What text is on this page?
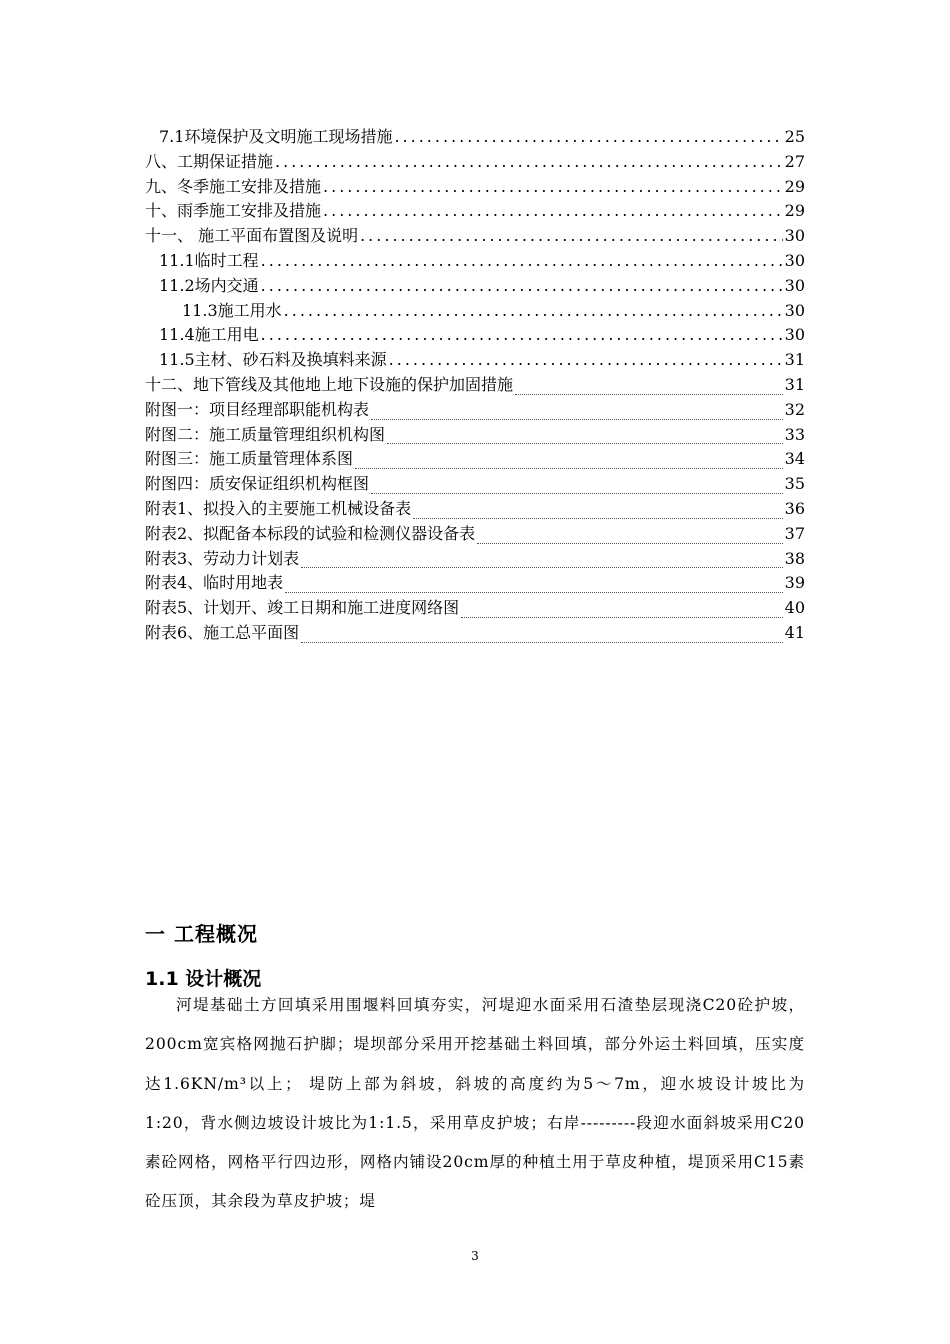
7.1环境保护及文明施工现场措施 .....	25
八、工期保证措施 .....	27
九、冬季施工安排及措施 .....	29
十、雨季施工安排及措施 .....	29
十一、 施工平面布置图及说明 .....	30
11.1临时工程 .....	30
11.2场内交通 .....	30
11.3施工用水 .....	30
11.4施工用电 .....	30
11.5主材、砂石料及换填料来源 .....	31
十二、地下管线及其他地上地下设施的保护加固措施	31
附图一：项目经理部职能机构表	32
附图二：施工质量管理组织机构图	33
附图三：施工质量管理体系图	34
附图四：质安保证组织机构框图	35
附表1、拟投入的主要施工机械设备表	36
附表2、拟配备本标段的试验和检测仪器设备表	37
附表3、劳动力计划表	38
附表4、临时用地表	39
附表5、计划开、竣工日期和施工进度网络图	40
附表6、施工总平面图	41
一 工程概况
1.1 设计概况

河堤基础土方回填采用围堰料回填夯实，河堤迎水面采用石渣垫层现浇C20砼护坡，200cm宽宾格网抛石护脚；堤坝部分采用开挖基础土料回填，部分外运土料回填，压实度达1.6KN/m³以上； 堤防上部为斜坡，斜坡的高度约为5～7m，迎水坡设计坡比为1:20，背水侧边坡设计坡比为1:1.5，采用草皮护坡；右岸---------段迎水面斜坡采用C20素砼网格，网格平行四边形，网格内铺设20cm厚的种植土用于草皮种植，堤顶采用C15素砼压顶，其余段为草皮护坡；堤

3
